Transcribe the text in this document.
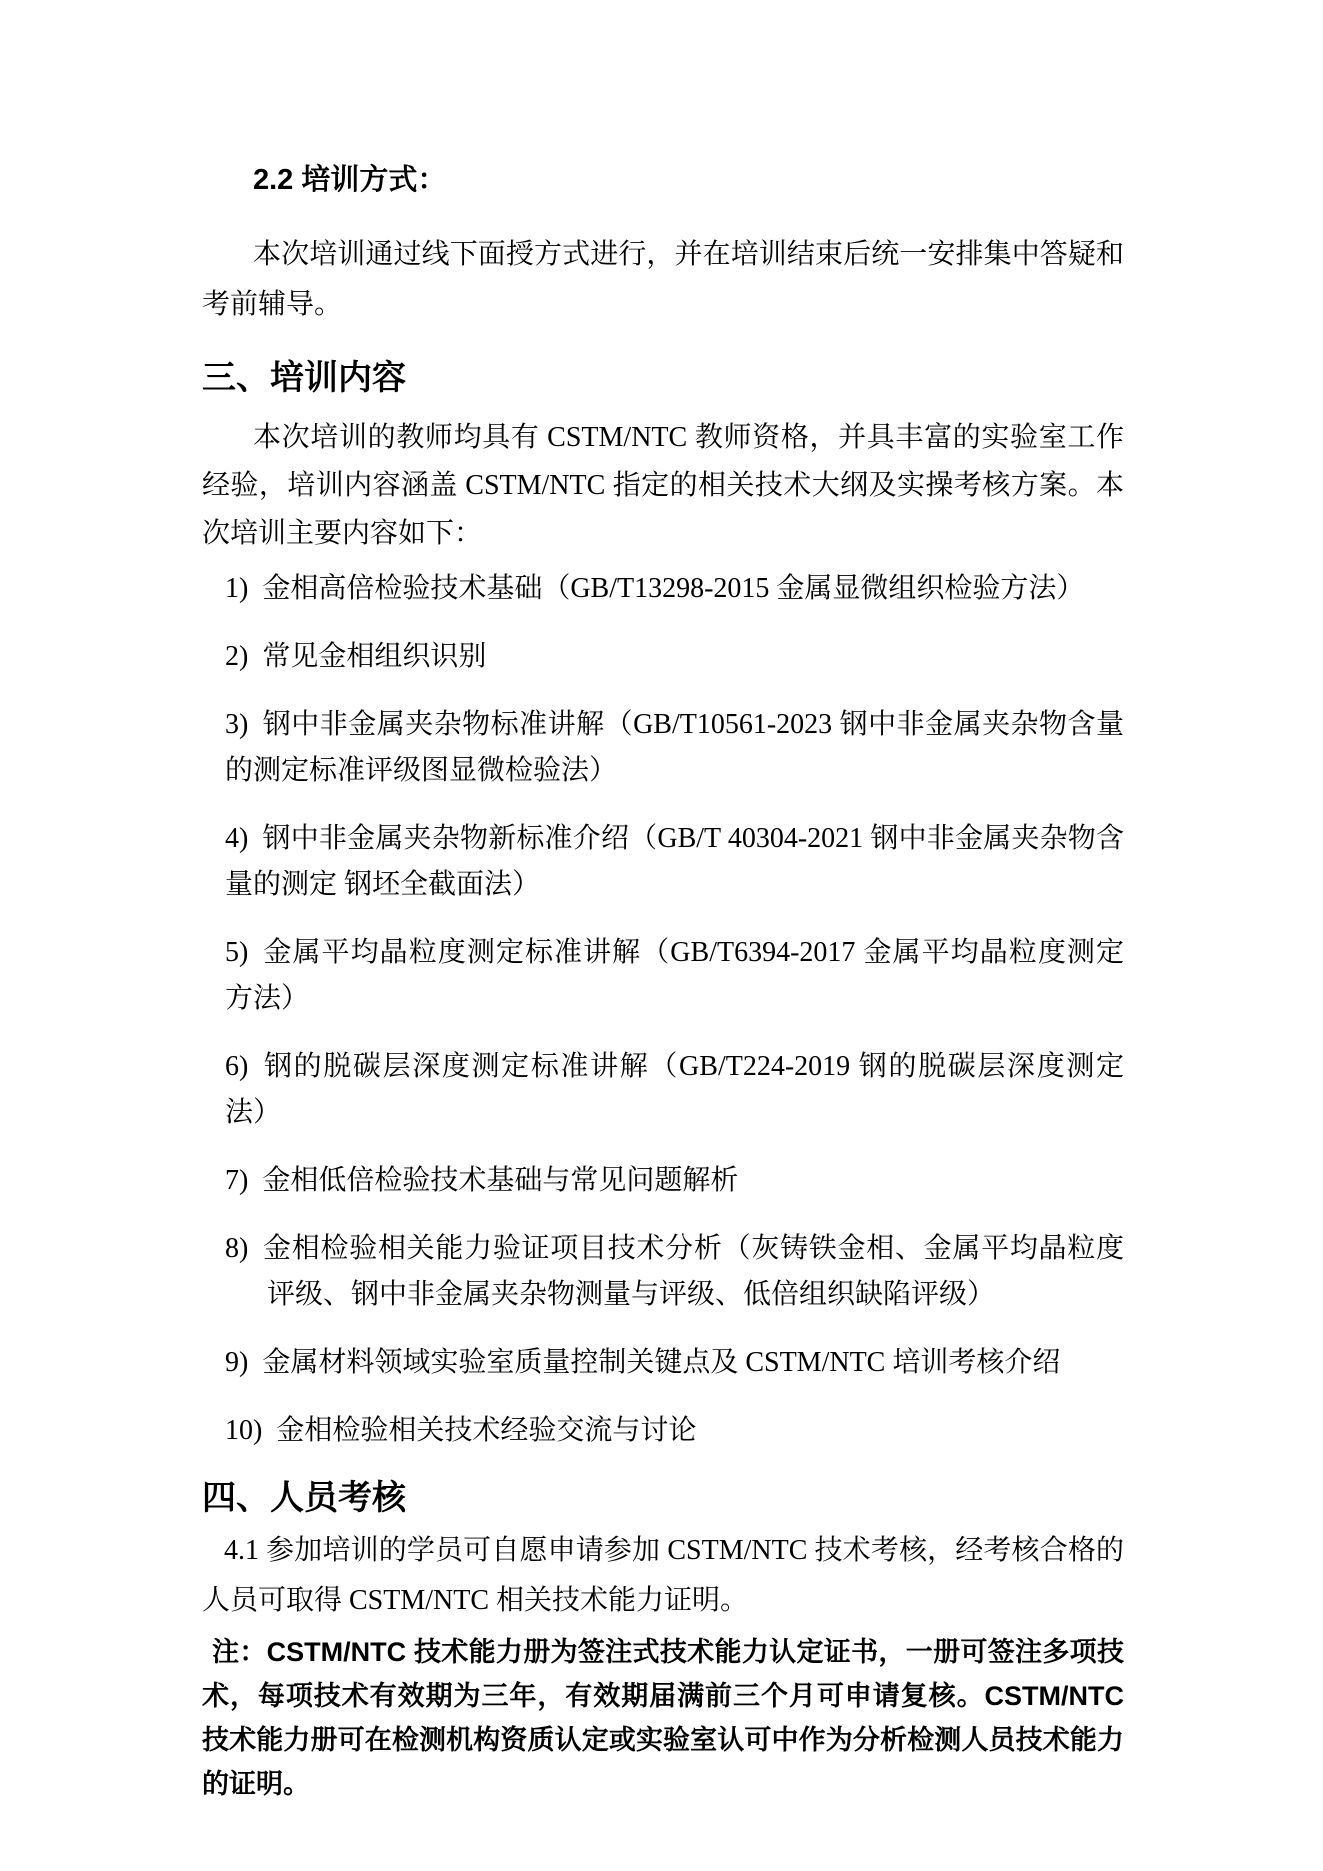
2.2 培训方式：

本次培训通过线下面授方式进行，并在培训结束后统一安排集中答疑和考前辅导。

三、培训内容

本次培训的教师均具有 CSTM/NTC 教师资格，并具丰富的实验室工作经验，培训内容涵盖 CSTM/NTC 指定的相关技术大纲及实操考核方案。本次培训主要内容如下：

1) 金相高倍检验技术基础（GB/T13298-2015 金属显微组织检验方法）
2) 常见金相组织识别
3) 钢中非金属夹杂物标准讲解（GB/T10561-2023 钢中非金属夹杂物含量的测定标准评级图显微检验法）
4) 钢中非金属夹杂物新标准介绍（GB/T 40304-2021 钢中非金属夹杂物含量的测定 钢坯全截面法）
5) 金属平均晶粒度测定标准讲解（GB/T6394-2017 金属平均晶粒度测定方法）
6) 钢的脱碳层深度测定标准讲解（GB/T224-2019 钢的脱碳层深度测定法）
7) 金相低倍检验技术基础与常见问题解析
8) 金相检验相关能力验证项目技术分析（灰铸铁金相、金属平均晶粒度评级、钢中非金属夹杂物测量与评级、低倍组织缺陷评级）
9) 金属材料领域实验室质量控制关键点及 CSTM/NTC 培训考核介绍
10) 金相检验相关技术经验交流与讨论
四、人员考核

4.1 参加培训的学员可自愿申请参加 CSTM/NTC 技术考核，经考核合格的人员可取得 CSTM/NTC 相关技术能力证明。

注：CSTM/NTC 技术能力册为签注式技术能力认定证书，一册可签注多项技术，每项技术有效期为三年，有效期届满前三个月可申请复核。CSTM/NTC 技术能力册可在检测机构资质认定或实验室认可中作为分析检测人员技术能力的证明。
